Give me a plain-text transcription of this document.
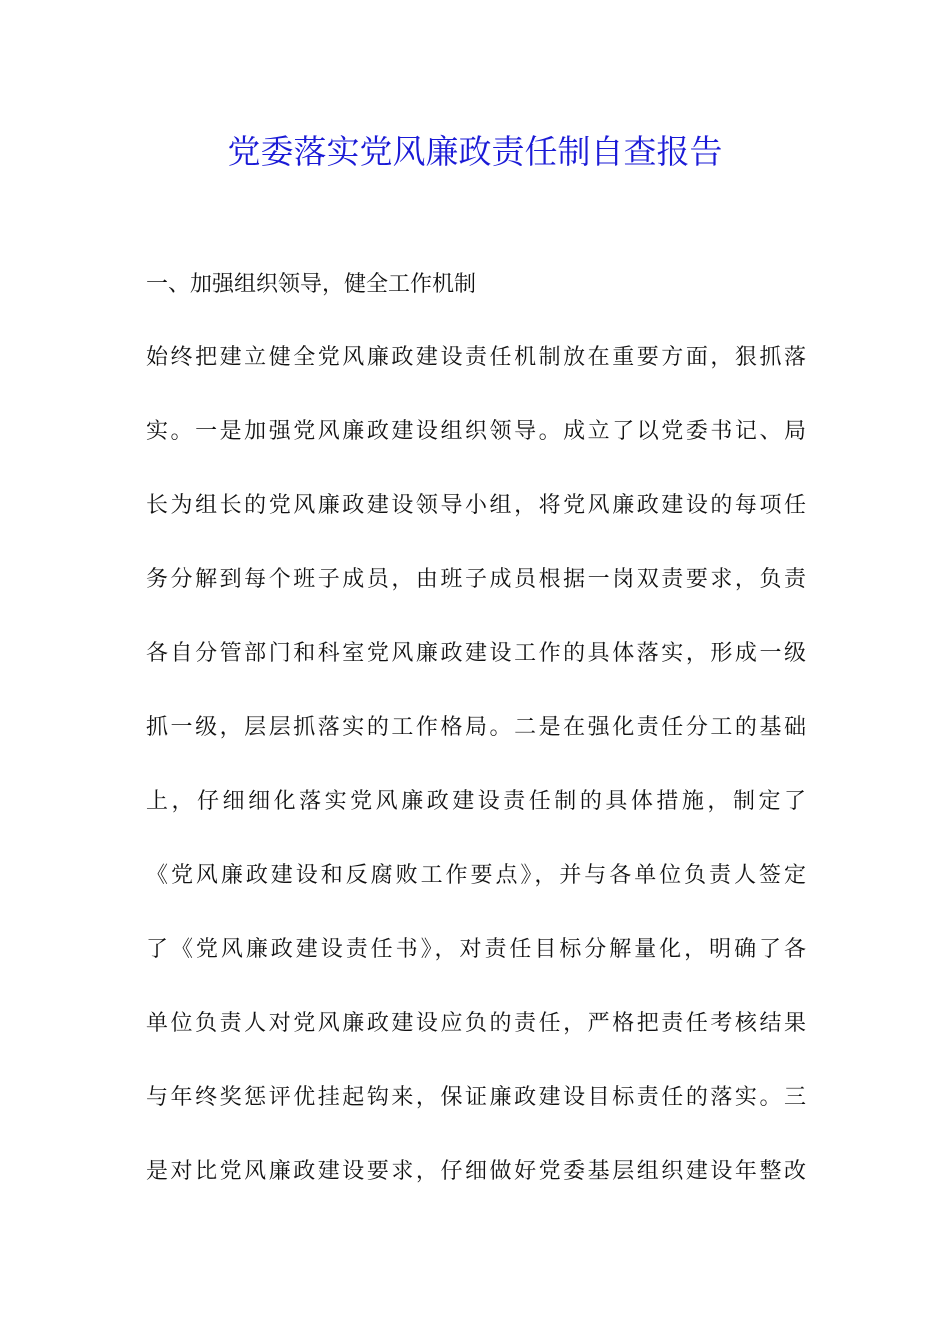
党委落实党风廉政责任制自查报告
一、加强组织领导，健全工作机制
始终把建立健全党风廉政建设责任机制放在重要方面，狠抓落
实。一是加强党风廉政建设组织领导。成立了以党委书记、局
长为组长的党风廉政建设领导小组，将党风廉政建设的每项任
务分解到每个班子成员，由班子成员根据一岗双责要求，负责
各自分管部门和科室党风廉政建设工作的具体落实，形成一级
抓一级，层层抓落实的工作格局。二是在强化责任分工的基础
上，仔细细化落实党风廉政建设责任制的具体措施，制定了
《党风廉政建设和反腐败工作要点》，并与各单位负责人签定
了《党风廉政建设责任书》，对责任目标分解量化，明确了各
单位负责人对党风廉政建设应负的责任，严格把责任考核结果
与年终奖惩评优挂起钩来，保证廉政建设目标责任的落实。三
是对比党风廉政建设要求，仔细做好党委基层组织建设年整改
